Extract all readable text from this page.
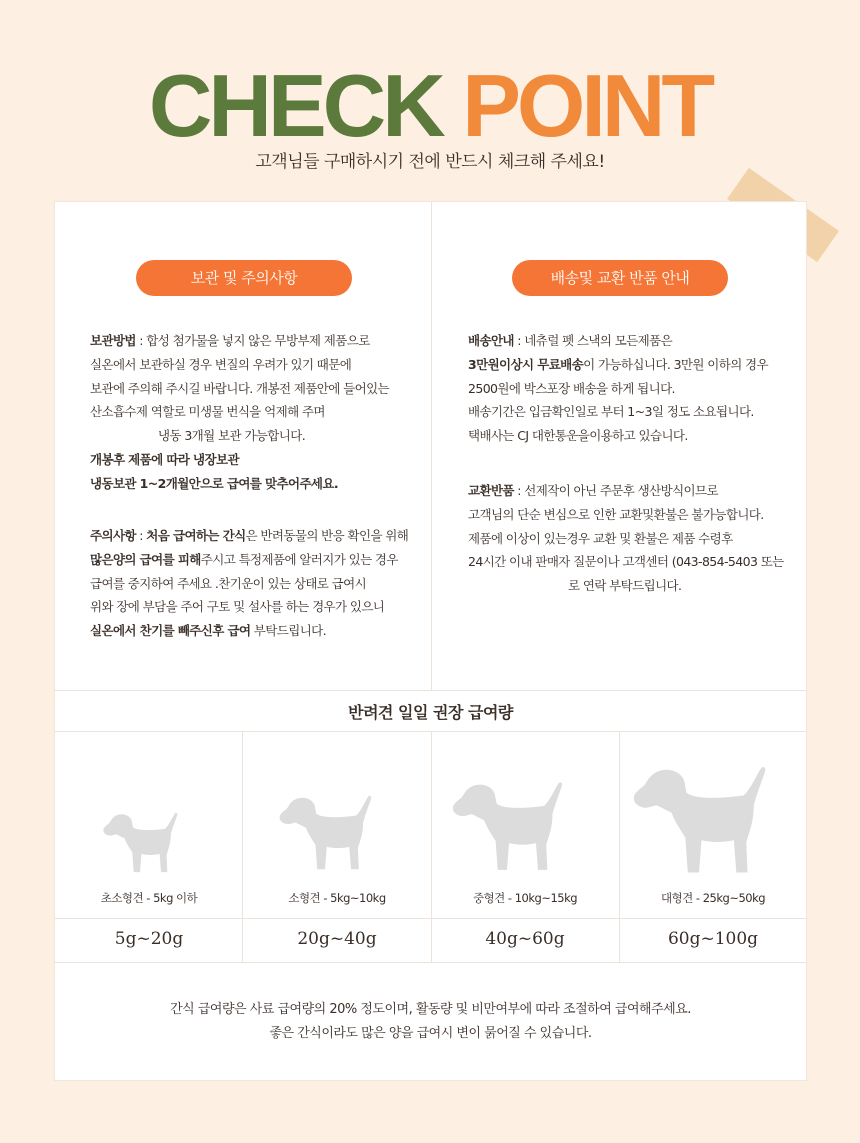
CHECK POINT
고객님들 구매하시기 전에 반드시 체크해 주세요!
보관 및 주의사항
보관방법 : 합성 첨가물을 넣지 않은 무방부제 제품으로
실온에서 보관하실 경우 변질의 우려가 있기 때문에
보관에 주의해 주시길 바랍니다. 개봉전 제품안에 들어있는
산소흡수제 역할로 미생물 번식을 억제해 주며
냉동 3개월 보관 가능합니다.
개봉후 제품에 따라 냉장보관
냉동보관 1~2개월안으로 급여를 맞추어주세요.
주의사항 : 처음 급여하는 간식은 반려동물의 반응 확인을 위해
많은양의 급여를 피해주시고 특정제품에 알러지가 있는 경우
급여를 중지하여 주세요 .찬기운이 있는 상태로 급여시
위와 장에 부담을 주어 구토 및 설사를 하는 경우가 있으니
실온에서 찬기를 빼주신후 급여 부탁드립니다.
배송및 교환 반품 안내
배송안내 : 네츄럴 펫 스낵의 모든제품은
3만원이상시 무료배송이 가능하십니다. 3만원 이하의 경우
2500원에 박스포장 배송을 하게 됩니다.
배송기간은 입금확인일로 부터 1~3일 정도 소요됩니다.
택배사는 CJ 대한통운을이용하고 있습니다.
교환반품 : 선제작이 아닌 주문후 생산방식이므로
고객님의 단순 변심으로 인한 교환및환불은 불가능합니다.
제품에 이상이 있는경우 교환 및 환불은 제품 수령후
24시간 이내 판매자 질문이나 고객센터 (043-854-5403 또는
로 연락 부탁드립니다.
반려견 일일 권장 급여량
초소형견 - 5kg 이하
5g~20g
소형견 - 5kg~10kg
20g~40g
중형견 - 10kg~15kg
40g~60g
대형견 - 25kg~50kg
60g~100g
간식 급여량은 사료 급여량의 20% 정도이며, 활동량 및 비만여부에 따라 조절하여 급여해주세요.
좋은 간식이라도 많은 양을 급여시 변이 묽어질 수 있습니다.
